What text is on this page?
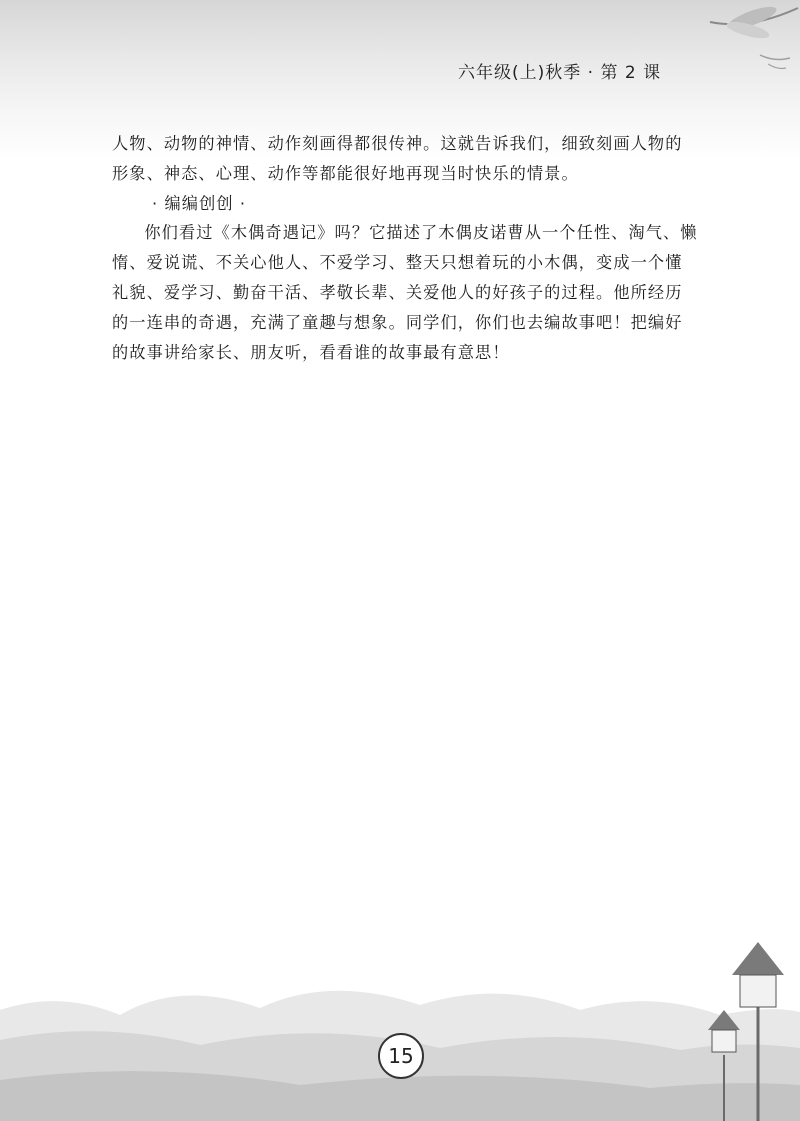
六年级(上)秋季 · 第 2 课

人物、动物的神情、动作刻画得都很传神。这就告诉我们，细致刻画人物的形象、神态、心理、动作等都能很好地再现当时快乐的情景。

· 编编创创 ·

你们看过《木偶奇遇记》吗？它描述了木偶皮诺曹从一个任性、淘气、懒惰、爱说谎、不关心他人、不爱学习、整天只想着玩的小木偶，变成一个懂礼貌、爱学习、勤奋干活、孝敬长辈、关爱他人的好孩子的过程。他所经历的一连串的奇遇，充满了童趣与想象。同学们，你们也去编故事吧！把编好的故事讲给家长、朋友听，看看谁的故事最有意思！

15
